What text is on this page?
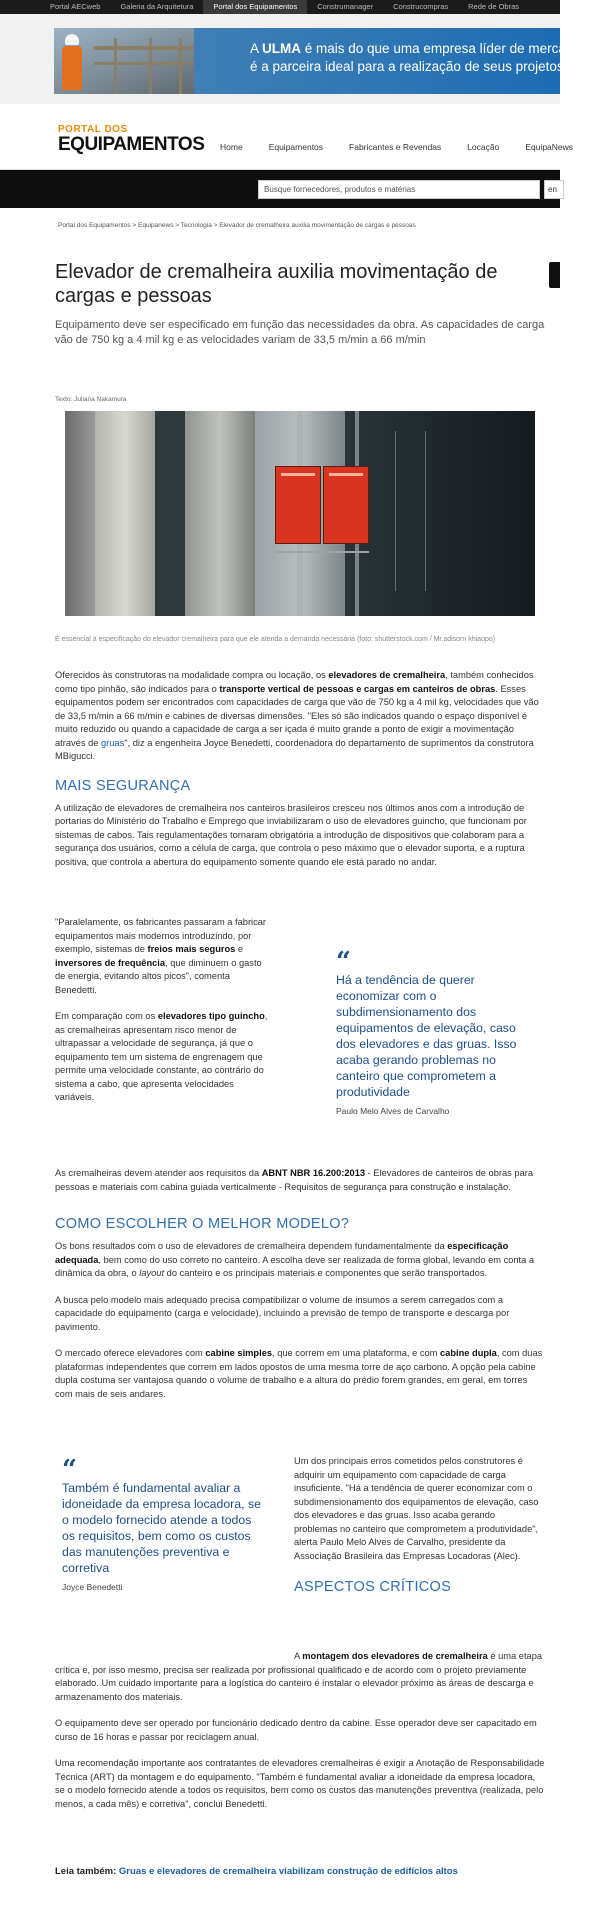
Portal AECweb	Galeria da Arquitetura	Portal dos Equipamentos	Construmanager	Construcompras	Rede de Obras
A ULMA é mais do que uma empresa líder de mercado
é a parceira ideal para a realização de seus projetos.
PORTAL DOS
EQUIPAMENTOS Home	Equipamentos	Fabricantes e Revendas	Locação	EquipaNews
Busque fornecedores, produtos e matérias	en
Portal dos Equipamentos > Equipanews > Tecnologia > Elevador de cremalheira auxilia movimentação de cargas e pessoas
Elevador de cremalheira auxilia movimentação de cargas e pessoas
Equipamento deve ser especificado em função das necessidades da obra. As capacidades de carga vão de 750 kg a 4 mil kg e as velocidades variam de 33,5 m/min a 66 m/min
Texto: Juliana Nakamura
É essencial a especificação do elevador cremalheira para que ele atenda a demanda necessária (foto: shutterstock.com / Mr.adisorn khiaopo)

Oferecidos às construtoras na modalidade compra ou locação, os elevadores de cremalheira, também conhecidos como tipo pinhão, são indicados para o transporte vertical de pessoas e cargas em canteiros de obras. Esses equipamentos podem ser encontrados com capacidades de carga que vão de 750 kg a 4 mil kg, velocidades que vão de 33,5 m/min a 66 m/min e cabines de diversas dimensões. "Eles só são indicados quando o espaço disponível é muito reduzido ou quando a capacidade de carga a ser içada é muito grande a ponto de exigir a movimentação através de gruas", diz a engenheira Joyce Benedetti, coordenadora do departamento de suprimentos da construtora MBigucci.

MAIS SEGURANÇA

A utilização de elevadores de cremalheira nos canteiros brasileiros cresceu nos últimos anos com a introdução de portarias do Ministério do Trabalho e Emprego que inviabilizaram o uso de elevadores guincho, que funcionam por sistemas de cabos. Tais regulamentações tornaram obrigatória a introdução de dispositivos que colaboram para a segurança dos usuários, como a célula de carga, que controla o peso máximo que o elevador suporta, e a ruptura positiva, que controla a abertura do equipamento somente quando ele está parado no andar.

"Paralelamente, os fabricantes passaram a fabricar equipamentos mais modernos introduzindo, por exemplo, sistemas de freios mais seguros e inversores de frequência, que diminuem o gasto de energia, evitando altos picos", comenta Benedetti.

Em comparação com os elevadores tipo guincho, as cremalheiras apresentam risco menor de ultrapassar a velocidade de segurança, já que o equipamento tem um sistema de engrenagem que permite uma velocidade constante, ao contrário do sistema a cabo, que apresenta velocidades variáveis.

“
Há a tendência de querer economizar com o subdimensionamento dos equipamentos de elevação, caso dos elevadores e das gruas. Isso acaba gerando problemas no canteiro que comprometem a produtividade
Paulo Melo Alves de Carvalho

As cremalheiras devem atender aos requisitos da ABNT NBR 16.200:2013 - Elevadores de canteiros de obras para pessoas e materiais com cabina guiada verticalmente - Requisitos de segurança para construção e instalação.

COMO ESCOLHER O MELHOR MODELO?

Os bons resultados com o uso de elevadores de cremalheira dependem fundamentalmente da especificação adequada, bem como do uso correto no canteiro. A escolha deve ser realizada de forma global, levando em conta a dinâmica da obra, o layout do canteiro e os principais materiais e componentes que serão transportados.

A busca pelo modelo mais adequado precisa compatibilizar o volume de insumos a serem carregados com a capacidade do equipamento (carga e velocidade), incluindo a previsão de tempo de transporte e descarga por pavimento.

O mercado oferece elevadores com cabine simples, que correm em uma plataforma, e com cabine dupla, com duas plataformas independentes que correm em lados opostos de uma mesma torre de aço carbono. A opção pela cabine dupla costuma ser vantajosa quando o volume de trabalho e a altura do prédio forem grandes, em geral, em torres com mais de seis andares.

“
Também é fundamental avaliar a idoneidade da empresa locadora, se o modelo fornecido atende a todos os requisitos, bem como os custos das manutenções preventiva e corretiva
Joyce Benedetti

Um dos principais erros cometidos pelos construtores é adquirir um equipamento com capacidade de carga insuficiente. "Há a tendência de querer economizar com o subdimensionamento dos equipamentos de elevação, caso dos elevadores e das gruas. Isso acaba gerando problemas no canteiro que comprometem a produtividade", alerta Paulo Melo Alves de Carvalho, presidente da Associação Brasileira das Empresas Locadoras (Alec).

ASPECTOS CRÍTICOS

A montagem dos elevadores de cremalheira é uma etapa crítica e, por isso mesmo, precisa ser realizada por profissional qualificado e de acordo com o projeto previamente elaborado. Um cuidado importante para a logística do canteiro é instalar o elevador próximo às áreas de descarga e armazenamento dos materiais.

O equipamento deve ser operado por funcionário dedicado dentro da cabine. Esse operador deve ser capacitado em curso de 16 horas e passar por reciclagem anual.

Uma recomendação importante aos contratantes de elevadores cremalheiras é exigir a Anotação de Responsabilidade Técnica (ART) da montagem e do equipamento. "Também é fundamental avaliar a idoneidade da empresa locadora, se o modelo fornecido atende a todos os requisitos, bem como os custos das manutenções preventiva (realizada, pelo menos, a cada mês) e corretiva", conclui Benedetti.

Leia também: Gruas e elevadores de cremalheira viabilizam construção de edifícios altos
